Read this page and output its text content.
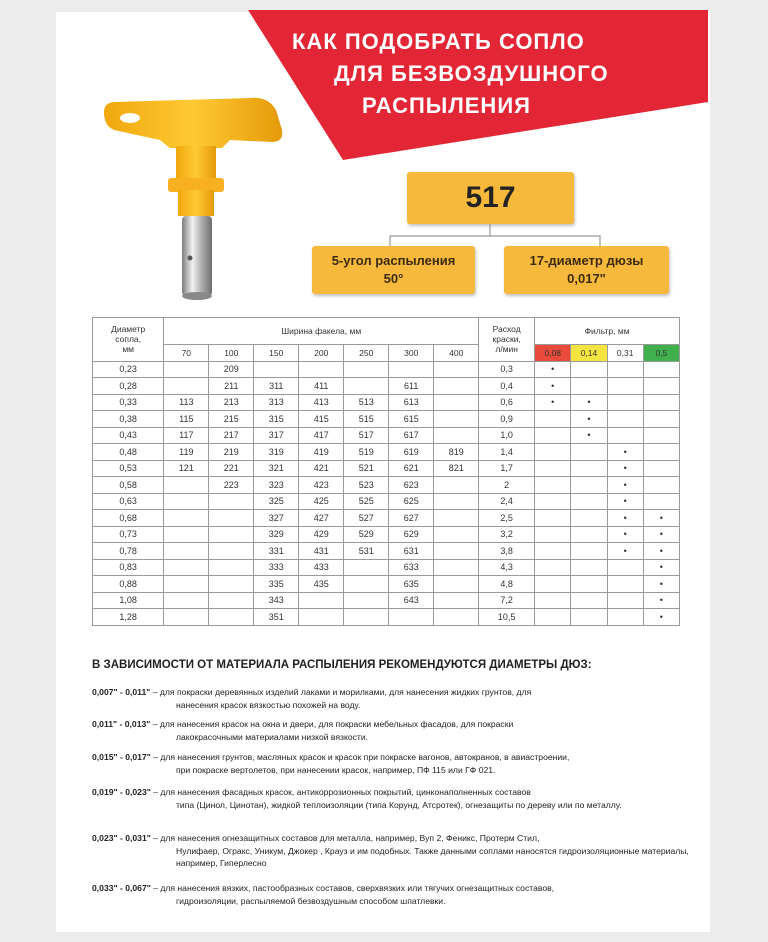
КАК ПОДОБРАТЬ СОПЛО
ДЛЯ БЕЗВОЗДУШНОГО
РАСПЫЛЕНИЯ
517
5-угол распыления
50°
17-диаметр дюзы
0,017"
Диаметр
сопла,
мм	Ширина факела, мм							Расход
краски,
л/мин	Фильтр, мм			
	70	100	150	200	250	300	400		0,08	0,14	0,31	0,5
0,23		209						0,3	•			
0,28		211	311	411		611		0,4	•			
0,33	113	213	313	413	513	613		0,6	•	•		
0,38	115	215	315	415	515	615		0,9		•		
0,43	117	217	317	417	517	617		1,0		•		
0,48	119	219	319	419	519	619	819	1,4			•	
0,53	121	221	321	421	521	621	821	1,7			•	
0,58		223	323	423	523	623		2			•	
0,63			325	425	525	625		2,4			•	
0,68			327	427	527	627		2,5			•	•
0,73			329	429	529	629		3,2			•	•
0,78			331	431	531	631		3,8			•	•
0,83			333	433		633		4,3				•
0,88			335	435		635		4,8				•
1,08			343			643		7,2				•
1,28			351					10,5				•
В ЗАВИСИМОСТИ ОТ МАТЕРИАЛА РАСПЫЛЕНИЯ РЕКОМЕНДУЮТСЯ ДИАМЕТРЫ ДЮЗ:
0,007" - 0,011" – для покраски деревянных изделий лаками и морилками, для нанесения жидких грунтов, для
нанесения красок вязкостью похожей на воду.
0,011" - 0,013" – для нанесения красок на окна и двери, для покраски мебельных фасадов, для покраски
лакокрасочными материалами низкой вязкости.
0,015" - 0,017" – для нанесения грунтов, масляных красок и красок при покраске вагонов, автокранов, в авиастроении,
при покраске вертолетов, при нанесении красок, например, ПФ 115 или ГФ 021.
0,019" - 0,023" – для нанесения фасадных красок, антикоррозионных покрытий, цинконаполненных составов
типа (Цинол, Цинотан), жидкой теплоизоляции (типа Корунд, Атсротек), огнезащиты по дереву или по металлу.
0,023" - 0,031" – для нанесения огнезащитных составов для металла, например, Вуп 2, Феникс, Протерм Стил,
Нулифаер, Огракс, Уникум, Джокер , Крауз и им подобных. Также данными соплами наносятся гидроизоляционные материалы, например, Гиперлесно
0,033" - 0,067" – для нанесения вязких, пастообразных составов, сверхвязких или тягучих огнезащитных составов,
гидроизоляции, распыляемой безвоздушным способом шпатлевки.
